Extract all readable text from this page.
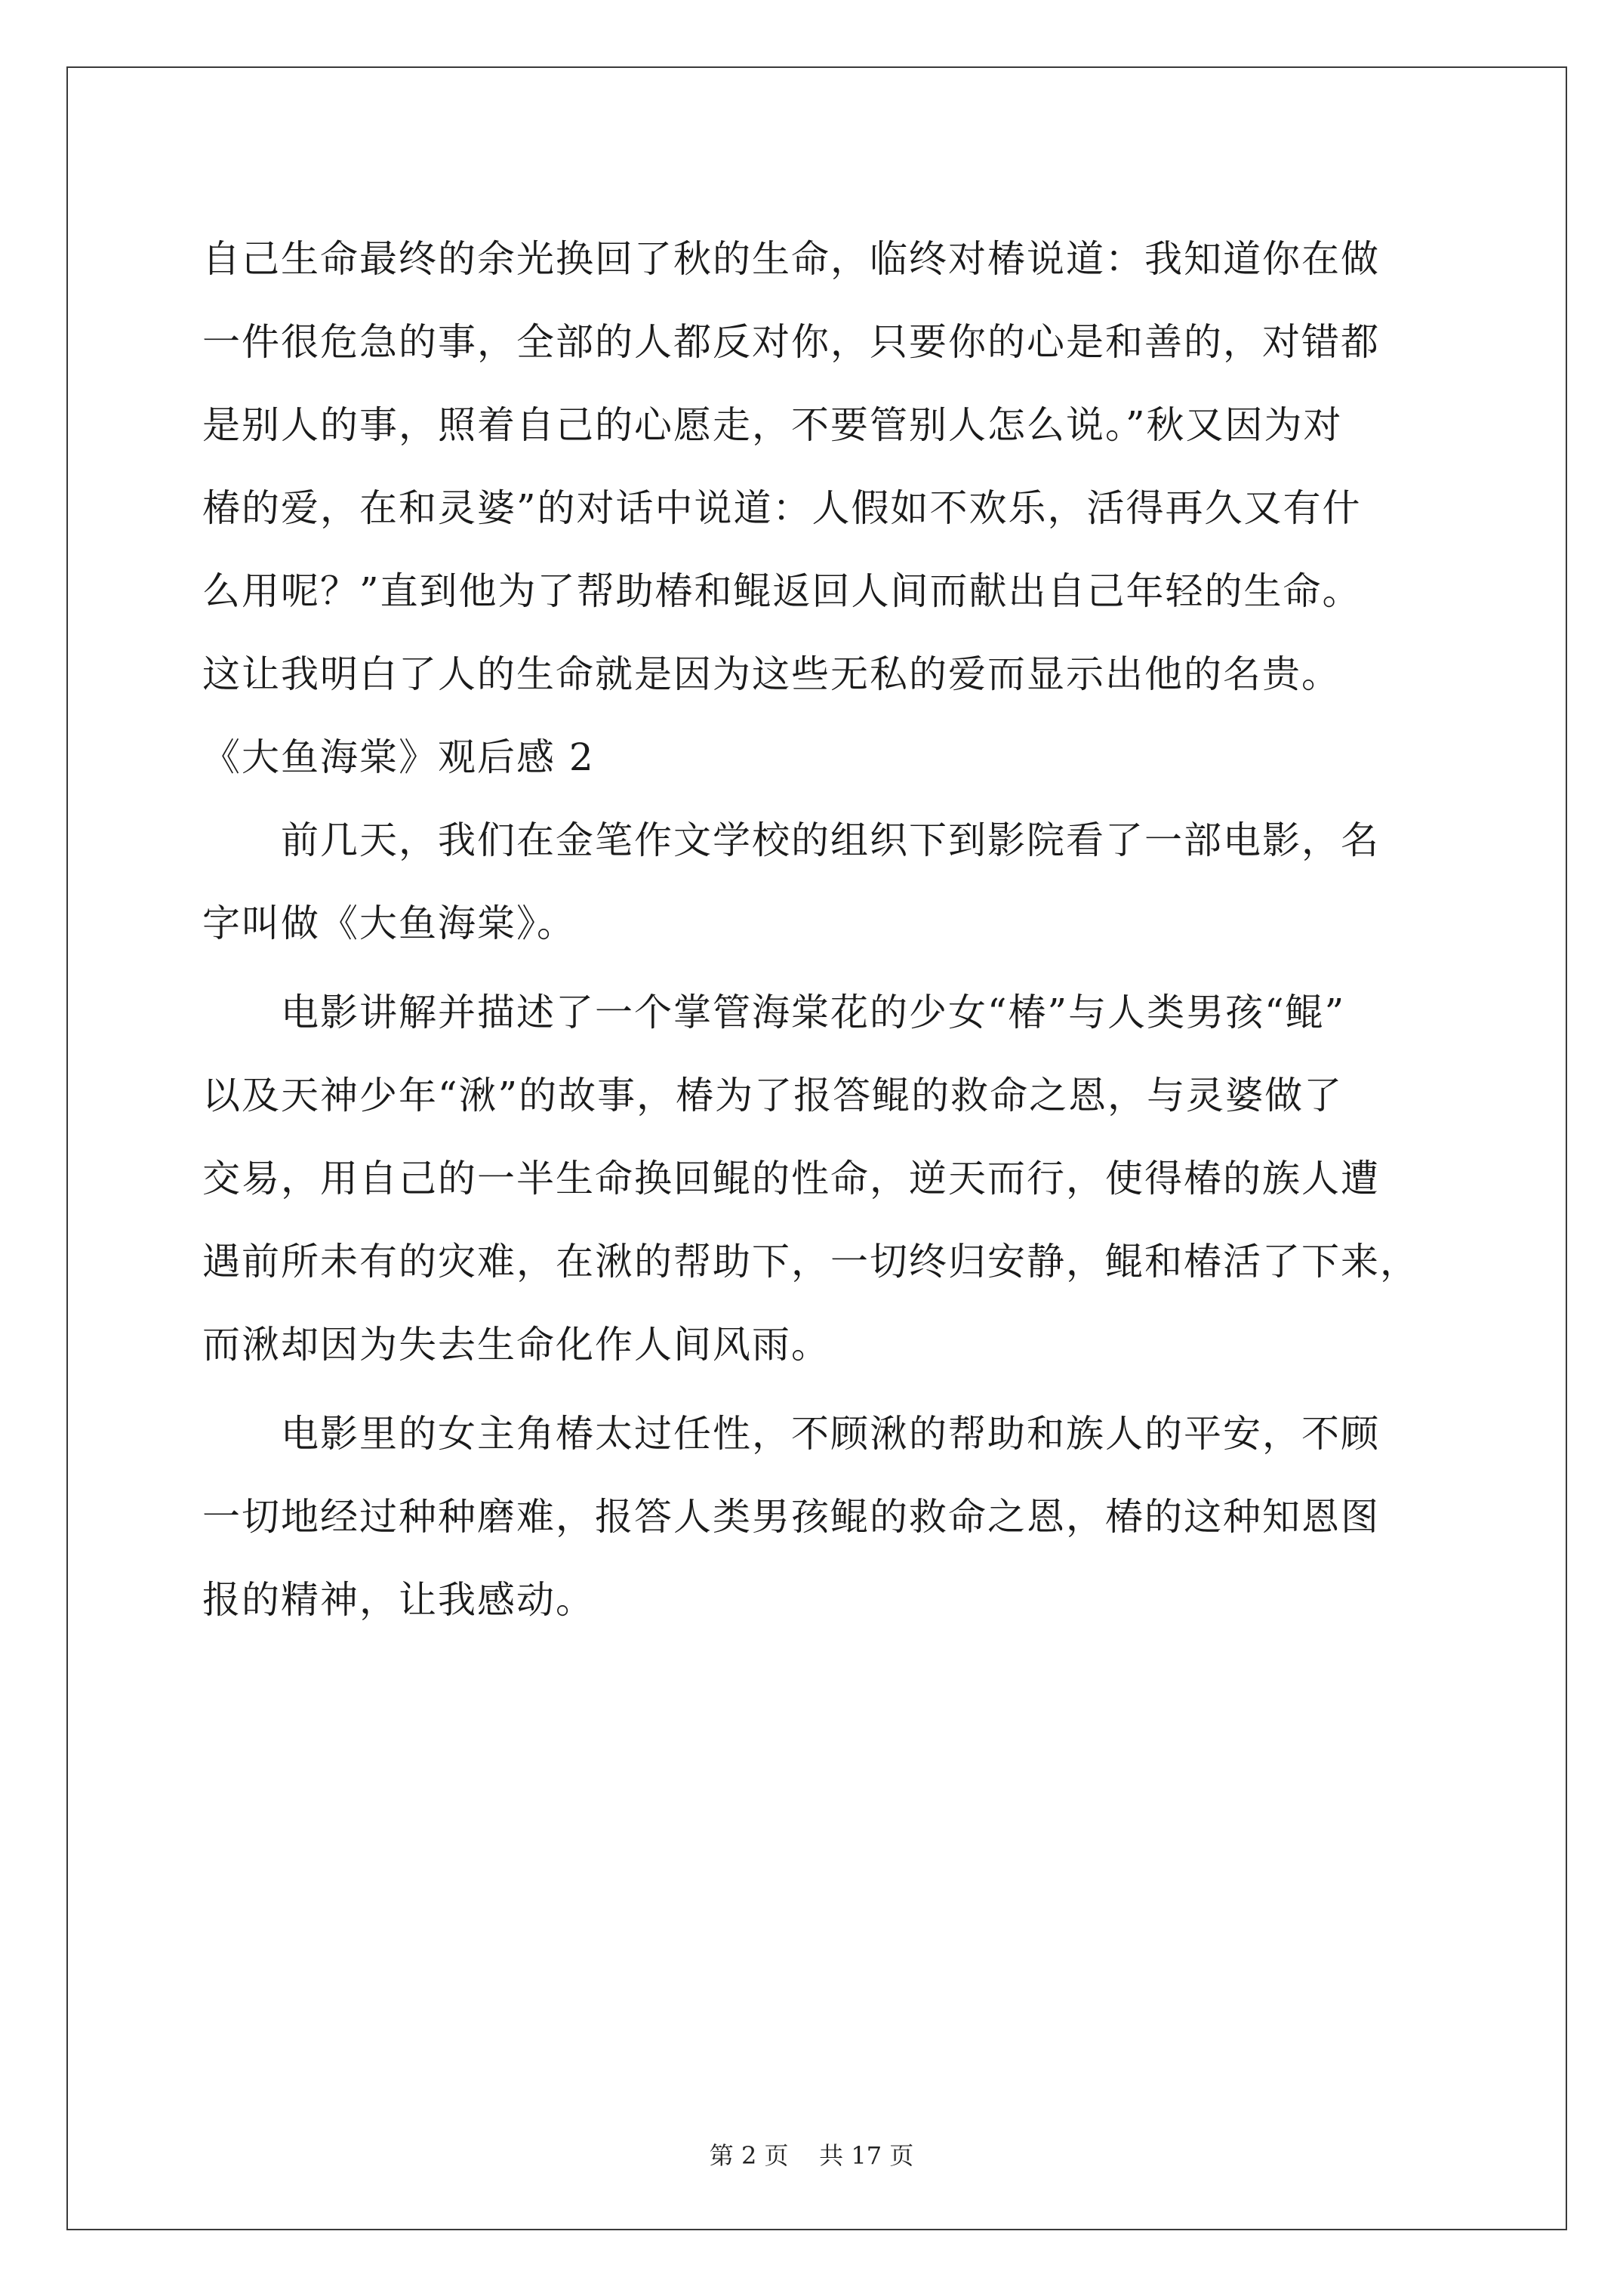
自己生命最终的余光换回了秋的生命，临终对椿说道：我知道你在做
一件很危急的事，全部的人都反对你，只要你的心是和善的，对错都
是别人的事，照着自己的心愿走，不要管别人怎么说。”秋又因为对
椿的爱，在和灵婆”的对话中说道：人假如不欢乐，活得再久又有什
么用呢？”直到他为了帮助椿和鲲返回人间而献出自己年轻的生命。
这让我明白了人的生命就是因为这些无私的爱而显示出他的名贵。
《大鱼海棠》观后感 2
前几天，我们在金笔作文学校的组织下到影院看了一部电影，名
字叫做《大鱼海棠》。
电影讲解并描述了一个掌管海棠花的少女“椿”与人类男孩“鲲”
以及天神少年“湫”的故事，椿为了报答鲲的救命之恩，与灵婆做了
交易，用自己的一半生命换回鲲的性命，逆天而行，使得椿的族人遭
遇前所未有的灾难，在湫的帮助下，一切终归安静，鲲和椿活了下来，
而湫却因为失去生命化作人间风雨。
电影里的女主角椿太过任性，不顾湫的帮助和族人的平安，不顾
一切地经过种种磨难，报答人类男孩鲲的救命之恩，椿的这种知恩图
报的精神，让我感动。
第 2 页    共 17 页
